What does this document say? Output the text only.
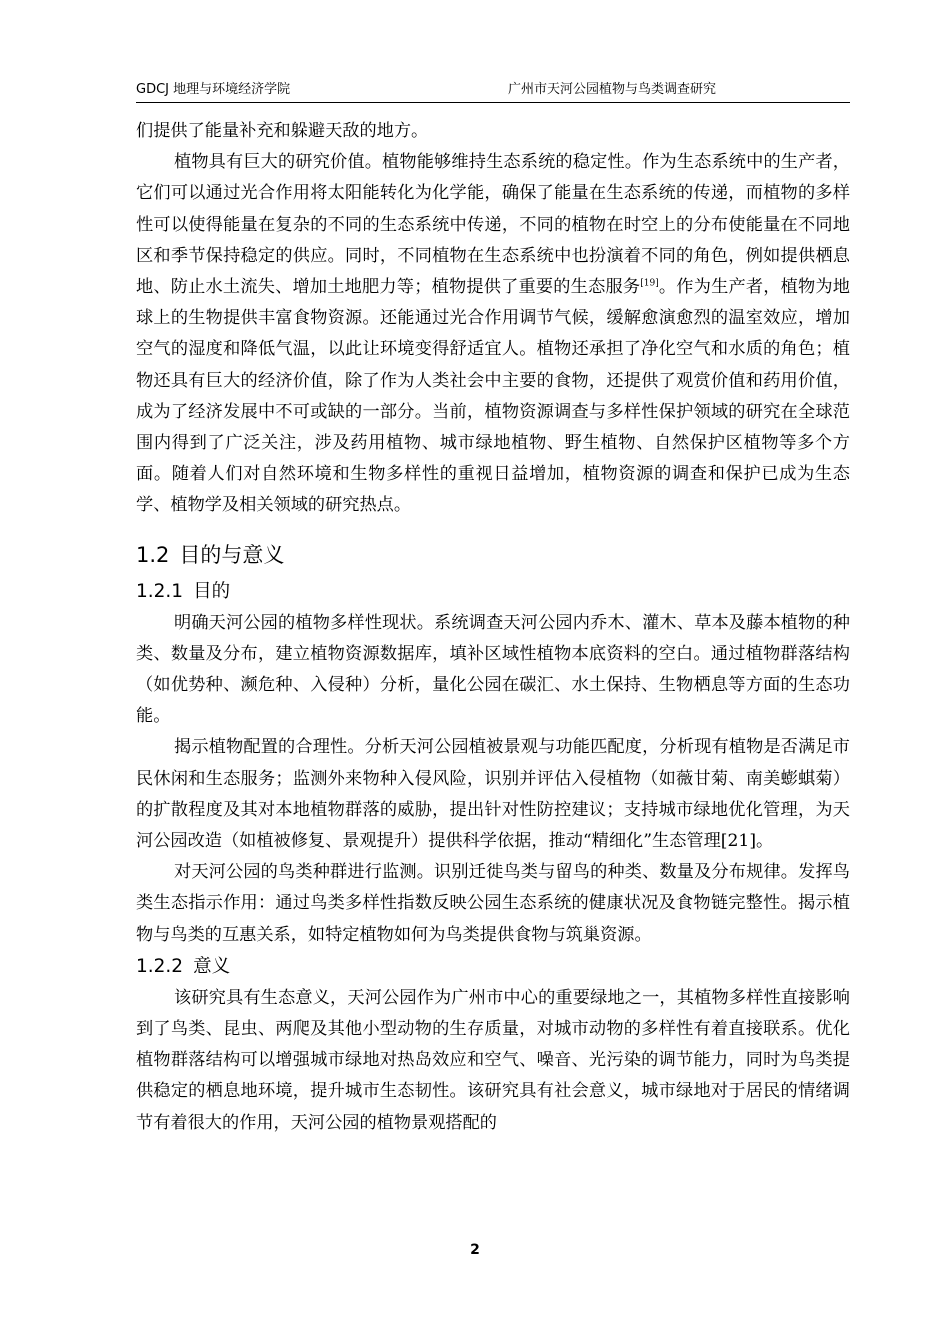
GDCJ 地理与环境经济学院	广州市天河公园植物与鸟类调查研究

们提供了能量补充和躲避天敌的地方。

植物具有巨大的研究价值。植物能够维持生态系统的稳定性。作为生态系统中的生产者，它们可以通过光合作用将太阳能转化为化学能，确保了能量在生态系统的传递，而植物的多样性可以使得能量在复杂的不同的生态系统中传递，不同的植物在时空上的分布使能量在不同地区和季节保持稳定的供应。同时，不同植物在生态系统中也扮演着不同的角色，例如提供栖息地、防止水土流失、增加土地肥力等；植物提供了重要的生态服务[19]。作为生产者，植物为地球上的生物提供丰富食物资源。还能通过光合作用调节气候，缓解愈演愈烈的温室效应，增加空气的湿度和降低气温，以此让环境变得舒适宜人。植物还承担了净化空气和水质的角色；植物还具有巨大的经济价值，除了作为人类社会中主要的食物，还提供了观赏价值和药用价值，成为了经济发展中不可或缺的一部分。当前，植物资源调查与多样性保护领域的研究在全球范围内得到了广泛关注，涉及药用植物、城市绿地植物、野生植物、自然保护区植物等多个方面。随着人们对自然环境和生物多样性的重视日益增加，植物资源的调查和保护已成为生态学、植物学及相关领域的研究热点。

1.2 目的与意义
1.2.1 目的

明确天河公园的植物多样性现状。系统调查天河公园内乔木、灌木、草本及藤本植物的种类、数量及分布，建立植物资源数据库，填补区域性植物本底资料的空白。通过植物群落结构（如优势种、濒危种、入侵种）分析，量化公园在碳汇、水土保持、生物栖息等方面的生态功能。

揭示植物配置的合理性。分析天河公园植被景观与功能匹配度，分析现有植物是否满足市民休闲和生态服务；监测外来物种入侵风险，识别并评估入侵植物（如薇甘菊、南美蟛蜞菊）的扩散程度及其对本地植物群落的威胁，提出针对性防控建议；支持城市绿地优化管理，为天河公园改造（如植被修复、景观提升）提供科学依据，推动“精细化”生态管理[21]。

对天河公园的鸟类种群进行监测。识别迁徙鸟类与留鸟的种类、数量及分布规律。发挥鸟类生态指示作用：通过鸟类多样性指数反映公园生态系统的健康状况及食物链完整性。揭示植物与鸟类的互惠关系，如特定植物如何为鸟类提供食物与筑巢资源。

1.2.2 意义

该研究具有生态意义，天河公园作为广州市中心的重要绿地之一，其植物多样性直接影响到了鸟类、昆虫、两爬及其他小型动物的生存质量，对城市动物的多样性有着直接联系。优化植物群落结构可以增强城市绿地对热岛效应和空气、噪音、光污染的调节能力，同时为鸟类提供稳定的栖息地环境，提升城市生态韧性。该研究具有社会意义，城市绿地对于居民的情绪调节有着很大的作用，天河公园的植物景观搭配的

2
